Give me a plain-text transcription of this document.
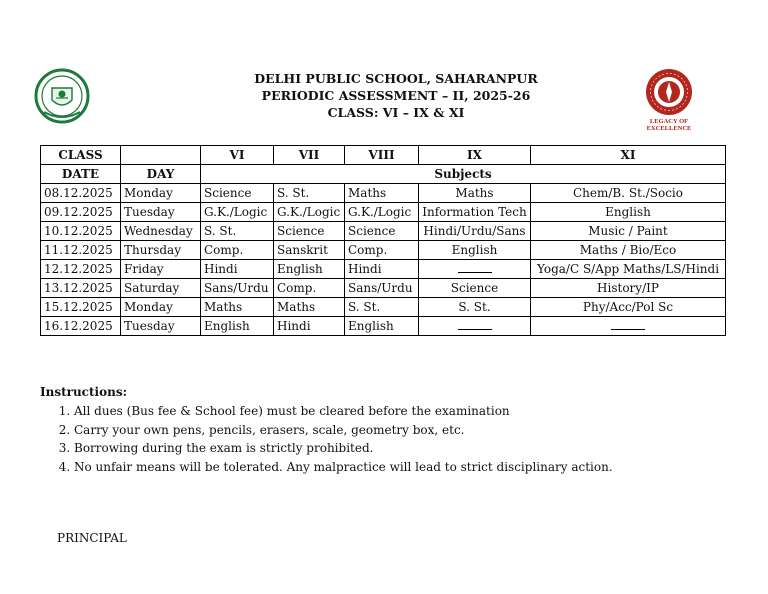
DELHI PUBLIC SCHOOL, SAHARANPUR
PERIODIC ASSESSMENT – II, 2025-26
CLASS: VI – IX & XI
LEGACY OF
EXCELLENCE
CLASS		VI	VII	VIII	IX	XI
DATE	DAY	Subjects				
08.12.2025	Monday	Science	S. St.	Maths	Maths	Chem/B. St./Socio
09.12.2025	Tuesday	G.K./Logic	G.K./Logic	G.K./Logic	Information Tech	English
10.12.2025	Wednesday	S. St.	Science	Science	Hindi/Urdu/Sans	Music / Paint
11.12.2025	Thursday	Comp.	Sanskrit	Comp.	English	Maths / Bio/Eco
12.12.2025	Friday	Hindi	English	Hindi		Yoga/C S/App Maths/LS/Hindi
13.12.2025	Saturday	Sans/Urdu	Comp.	Sans/Urdu	Science	History/IP
15.12.2025	Monday	Maths	Maths	S. St.	S. St.	Phy/Acc/Pol Sc
16.12.2025	Tuesday	English	Hindi	English		
Instructions:
1. All dues (Bus fee & School fee) must be cleared before the examination
2. Carry your own pens, pencils, erasers, scale, geometry box, etc.
3. Borrowing during the exam is strictly prohibited.
4. No unfair means will be tolerated. Any malpractice will lead to strict disciplinary action.
PRINCIPAL
